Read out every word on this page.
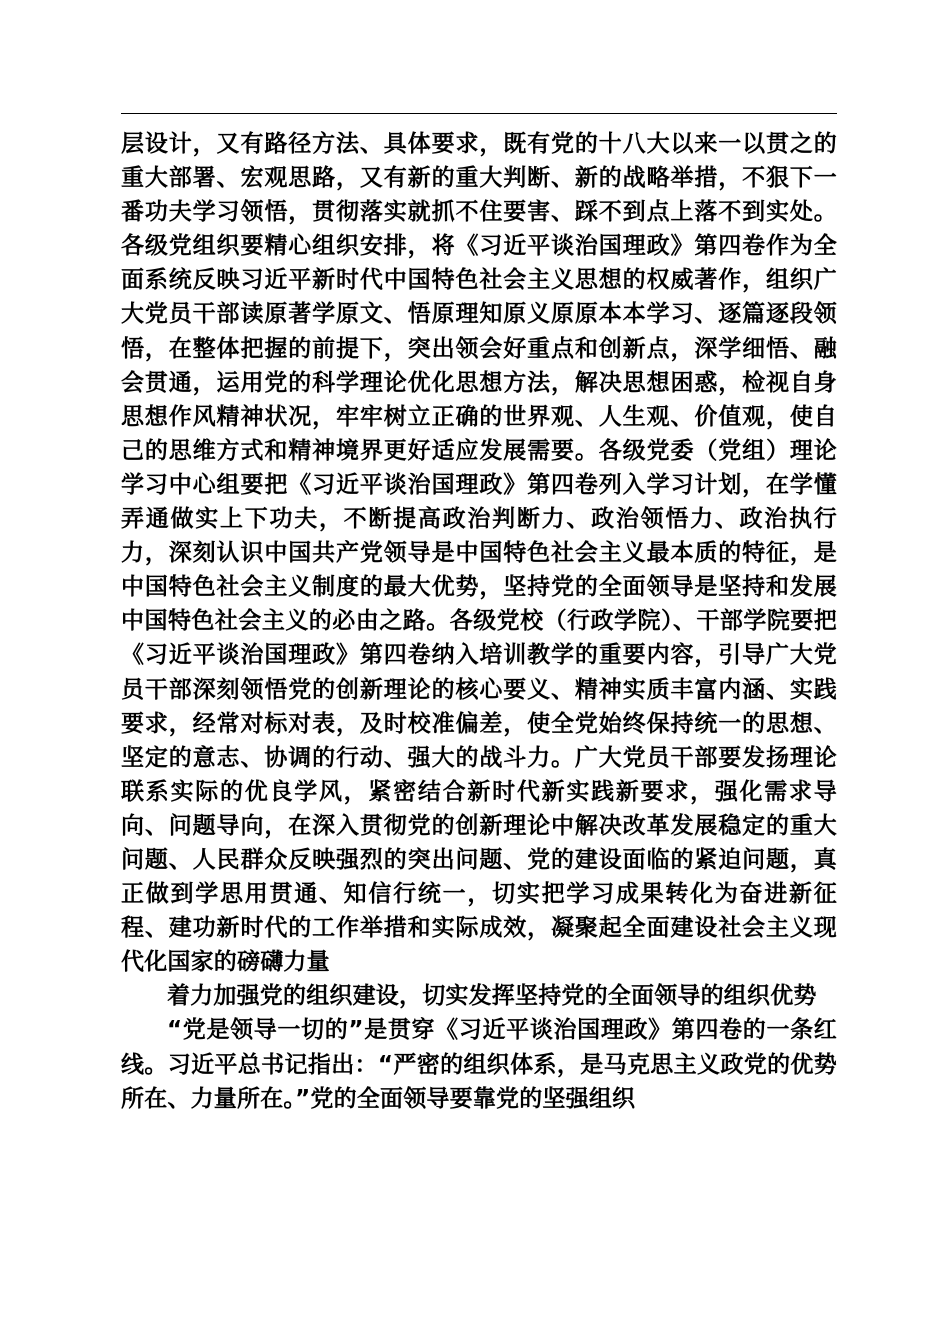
层设计，又有路径方法、具体要求，既有党的十八大以来一以贯之的重大部署、宏观思路，又有新的重大判断、新的战略举措，不狠下一番功夫学习领悟，贯彻落实就抓不住要害、踩不到点上落不到实处。各级党组织要精心组织安排，将《习近平谈治国理政》第四卷作为全面系统反映习近平新时代中国特色社会主义思想的权威著作，组织广大党员干部读原著学原文、悟原理知原义原原本本学习、逐篇逐段领悟，在整体把握的前提下，突出领会好重点和创新点，深学细悟、融会贯通，运用党的科学理论优化思想方法，解决思想困惑，检视自身思想作风精神状况，牢牢树立正确的世界观、人生观、价值观，使自己的思维方式和精神境界更好适应发展需要。各级党委（党组）理论学习中心组要把《习近平谈治国理政》第四卷列入学习计划，在学懂弄通做实上下功夫，不断提高政治判断力、政治领悟力、政治执行力，深刻认识中国共产党领导是中国特色社会主义最本质的特征，是中国特色社会主义制度的最大优势，坚持党的全面领导是坚持和发展中国特色社会主义的必由之路。各级党校（行政学院）、干部学院要把《习近平谈治国理政》第四卷纳入培训教学的重要内容，引导广大党员干部深刻领悟党的创新理论的核心要义、精神实质丰富内涵、实践要求，经常对标对表，及时校准偏差，使全党始终保持统一的思想、坚定的意志、协调的行动、强大的战斗力。广大党员干部要发扬理论联系实际的优良学风，紧密结合新时代新实践新要求，强化需求导向、问题导向，在深入贯彻党的创新理论中解决改革发展稳定的重大问题、人民群众反映强烈的突出问题、党的建设面临的紧迫问题，真正做到学思用贯通、知信行统一，切实把学习成果转化为奋进新征程、建功新时代的工作举措和实际成效，凝聚起全面建设社会主义现代化国家的磅礴力量

着力加强党的组织建设，切实发挥坚持党的全面领导的组织优势

“党是领导一切的”是贯穿《习近平谈治国理政》第四卷的一条红线。习近平总书记指出：“严密的组织体系，是马克思主义政党的优势所在、力量所在。”党的全面领导要靠党的坚强组织
